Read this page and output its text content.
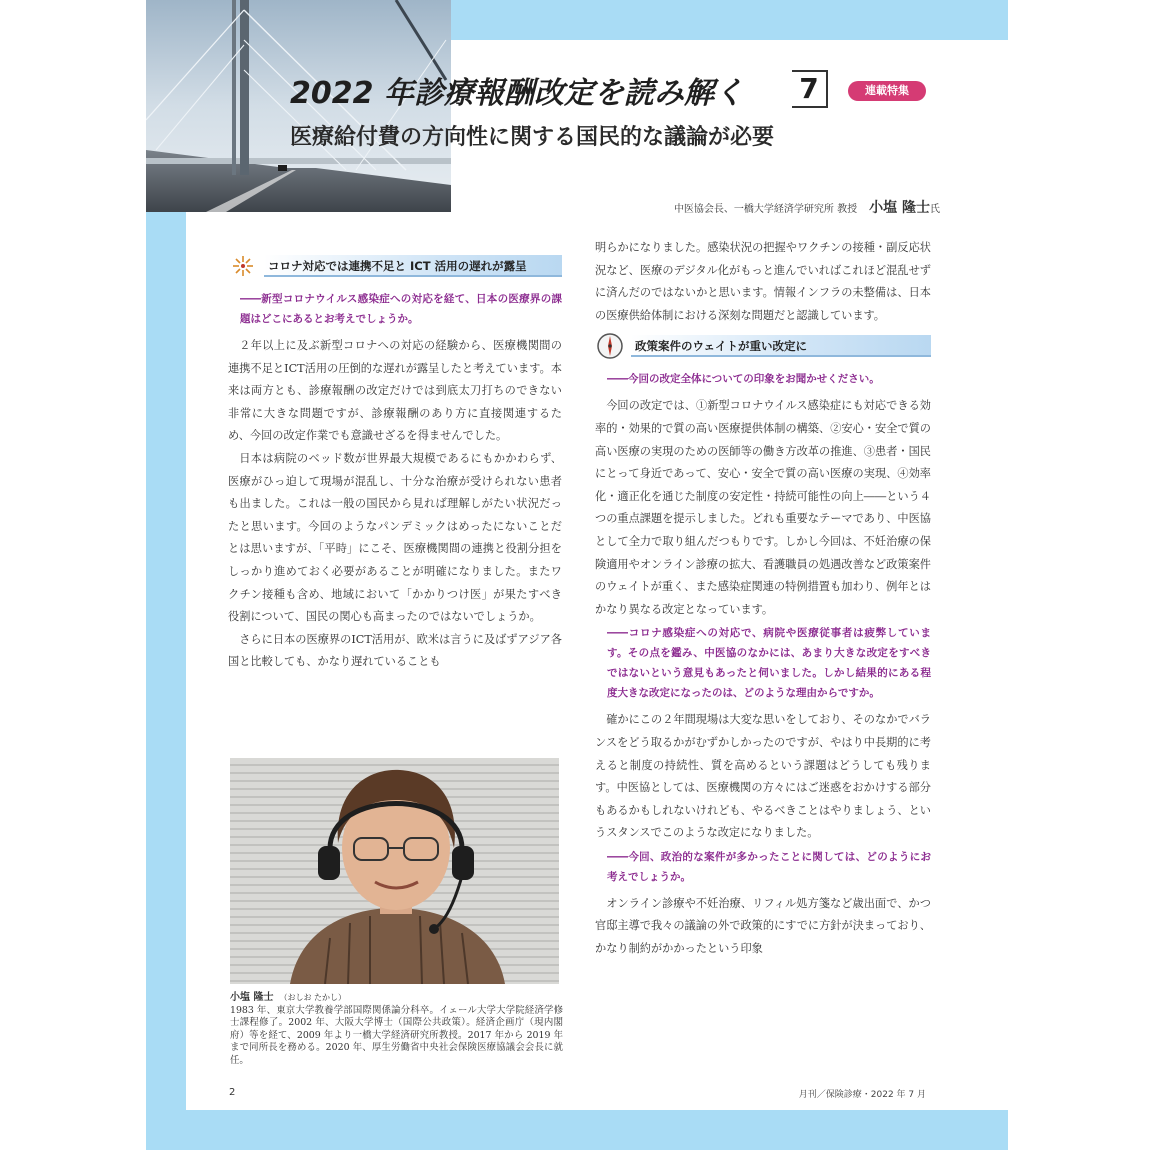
2022 年診療報酬改定を読み解く	7	連載特集
医療給付費の方向性に関する国民的な議論が必要
中医協会長、一橋大学経済学研究所 教授 小塩 隆士氏
コロナ対応では連携不足と ICT 活用の遅れが露呈

――新型コロナウイルス感染症への対応を経て、日本の医療界の課題はどこにあるとお考えでしょうか。

２年以上に及ぶ新型コロナへの対応の経験から、医療機関間の連携不足とICT活用の圧倒的な遅れが露呈したと考えています。本来は両方とも、診療報酬の改定だけでは到底太刀打ちのできない非常に大きな問題ですが、診療報酬のあり方に直接関連するため、今回の改定作業でも意識せざるを得ませんでした。

日本は病院のベッド数が世界最大規模であるにもかかわらず、医療がひっ迫して現場が混乱し、十分な治療が受けられない患者も出ました。これは一般の国民から見れば理解しがたい状況だったと思います。今回のようなパンデミックはめったにないことだとは思いますが、「平時」にこそ、医療機関間の連携と役割分担をしっかり進めておく必要があることが明確になりました。またワクチン接種も含め、地域において「かかりつけ医」が果たすべき役割について、国民の関心も高まったのではないでしょうか。

さらに日本の医療界のICT活用が、欧米は言うに及ばずアジア各国と比較しても、かなり遅れていることも

明らかになりました。感染状況の把握やワクチンの接種・副反応状況など、医療のデジタル化がもっと進んでいればこれほど混乱せずに済んだのではないかと思います。情報インフラの未整備は、日本の医療供給体制における深刻な問題だと認識しています。

政策案件のウェイトが重い改定に

――今回の改定全体についての印象をお聞かせください。

今回の改定では、①新型コロナウイルス感染症にも対応できる効率的・効果的で質の高い医療提供体制の構築、②安心・安全で質の高い医療の実現のための医師等の働き方改革の推進、③患者・国民にとって身近であって、安心・安全で質の高い医療の実現、④効率化・適正化を通じた制度の安定性・持続可能性の向上――という４つの重点課題を提示しました。どれも重要なテーマであり、中医協として全力で取り組んだつもりです。しかし今回は、不妊治療の保険適用やオンライン診療の拡大、看護職員の処遇改善など政策案件のウェイトが重く、また感染症関連の特例措置も加わり、例年とはかなり異なる改定となっています。

――コロナ感染症への対応で、病院や医療従事者は疲弊しています。その点を鑑み、中医協のなかには、あまり大きな改定をすべきではないという意見もあったと伺いました。しかし結果的にある程度大きな改定になったのは、どのような理由からですか。

確かにこの２年間現場は大変な思いをしており、そのなかでバランスをどう取るかがむずかしかったのですが、やはり中長期的に考えると制度の持続性、質を高めるという課題はどうしても残ります。中医協としては、医療機関の方々にはご迷惑をおかけする部分もあるかもしれないけれども、やるべきことはやりましょう、というスタンスでこのような改定になりました。

――今回、政治的な案件が多かったことに関しては、どのようにお考えでしょうか。

オンライン診療や不妊治療、リフィル処方箋など歳出面で、かつ官邸主導で我々の議論の外で政策的にすでに方針が決まっており、かなり制約がかかったという印象

小塩 隆士 （おしお たかし）
1983 年、東京大学教養学部国際関係論分科卒。イェール大学大学院経済学修士課程修了。2002 年、大阪大学博士（国際公共政策）。経済企画庁（現内閣府）等を経て、2009 年より一橋大学経済研究所教授。2017 年から 2019 年まで同所長を務める。2020 年、厚生労働省中央社会保険医療協議会会長に就任。
2	月刊／保険診療・2022 年 7 月
